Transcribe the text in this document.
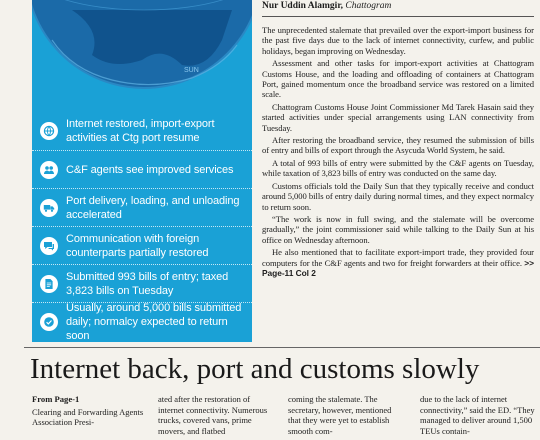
SUN
Internet restored, import-export activities at Ctg port resume
C&F agents see improved services
Port delivery, loading, and unloading accelerated
Communication with foreign counterparts partially restored
Submitted 993 bills of entry; taxed 3,823 bills on Tuesday
Usually, around 5,000 bills submitted daily; normalcy expected to return soon
Nur Uddin Alamgir, Chattogram

The unprecedented stalemate that prevailed over the export-import business for the past five days due to the lack of internet connectivity, curfew, and public holidays, began improving on Wednesday.

Assessment and other tasks for import-export activities at Chattogram Customs House, and the loading and offloading of containers at Chattogram Port, gained momentum once the broadband service was restored on a limited scale.

Chattogram Customs House Joint Commissioner Md Tarek Hasain said they started activities under special arrangements using LAN connectivity from Tuesday.

After restoring the broadband service, they resumed the submission of bills of entry and bills of export through the Asycuda World System, he said.

A total of 993 bills of entry were submitted by the C&F agents on Tuesday, while taxation of 3,823 bills of entry was conducted on the same day.

Customs officials told the Daily Sun that they typically receive and conduct around 5,000 bills of entry daily during normal times, and they expect normalcy to return soon.

“The work is now in full swing, and the stalemate will be overcome gradually,” the joint commissioner said while talking to the Daily Sun at his office on Wednesday afternoon.

He also mentioned that to facilitate export-import trade, they provided four computers for the C&F agents and two for freight forwarders at their office. >> Page-11 Col 2

Internet back, port and customs slowly
From Page-1
Clearing and Forwarding Agents Association Presi-
ated after the restoration of internet connectivity. Numerous trucks, covered vans, prime movers, and flatbed
coming the stalemate. The secretary, however, mentioned that they were yet to establish smooth com-
due to the lack of internet connectivity,” said the ED. “They managed to deliver around 1,500 TEUs contain-
